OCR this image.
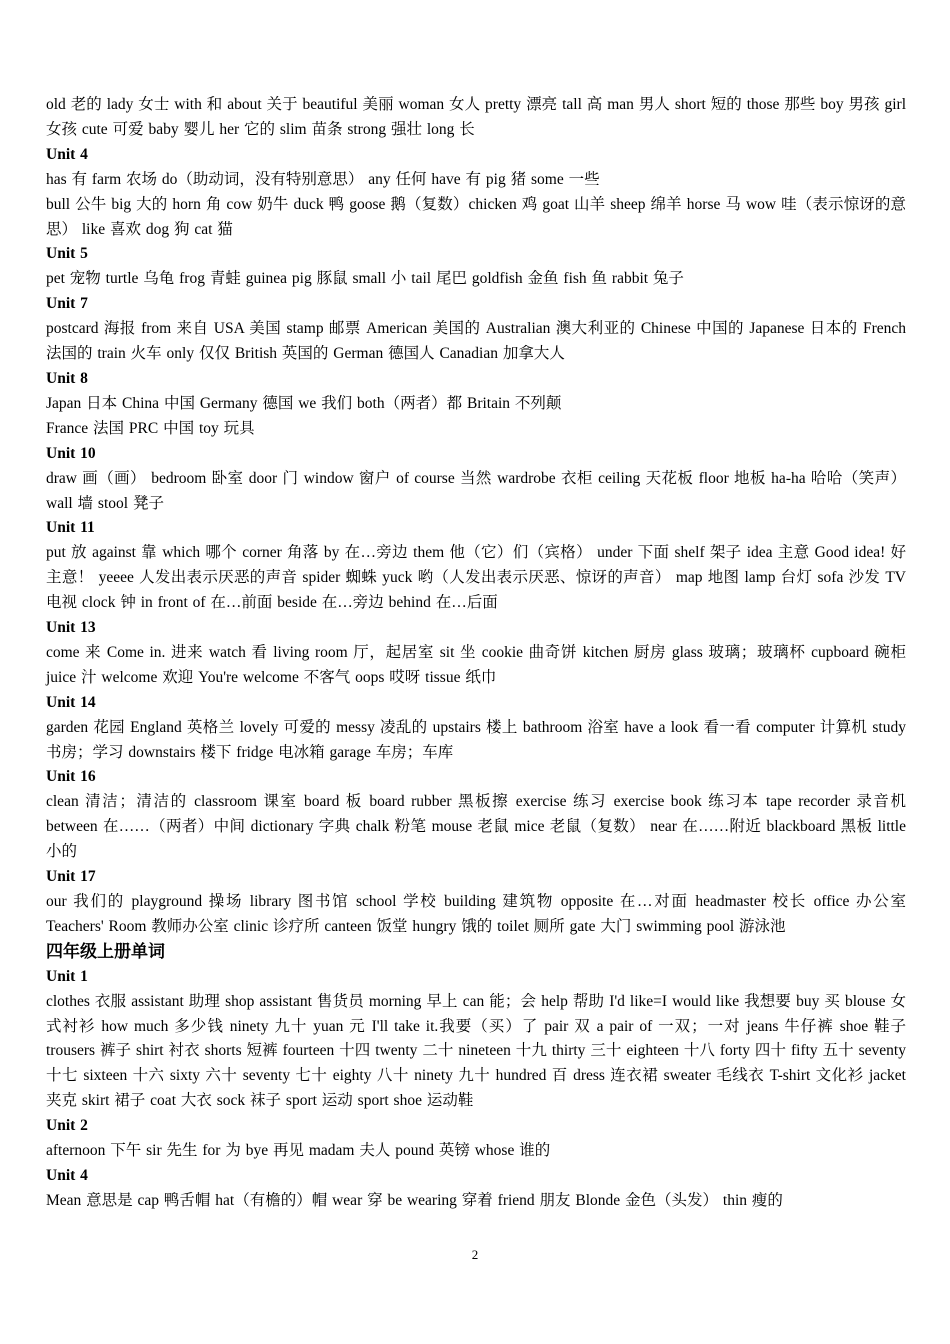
old 老的 lady 女士 with 和 about 关于 beautiful 美丽 woman 女人 pretty 漂亮 tall 高 man 男人 short 短的 those 那些 boy 男孩 girl 女孩 cute 可爱 baby 婴儿 her 它的 slim 苗条 strong 强壮 long 长

Unit 4

has 有 farm 农场 do（助动词，没有特别意思） any 任何 have 有 pig 猪 some 一些

bull 公牛 big 大的 horn 角 cow 奶牛 duck 鸭 goose 鹅（复数）chicken 鸡 goat 山羊 sheep 绵羊 horse 马 wow 哇（表示惊讶的意思） like 喜欢 dog 狗 cat 猫

Unit 5

pet 宠物 turtle 乌龟 frog 青蛙 guinea pig 豚鼠 small 小 tail 尾巴 goldfish 金鱼 fish 鱼 rabbit 兔子

Unit 7

postcard 海报 from 来自 USA 美国 stamp 邮票 American 美国的 Australian 澳大利亚的 Chinese 中国的 Japanese 日本的 French 法国的 train 火车 only 仅仅 British 英国的 German 德国人 Canadian 加拿大人

Unit 8

Japan 日本 China 中国 Germany 德国 we 我们 both（两者）都 Britain 不列颠

France 法国 PRC 中国 toy 玩具

Unit 10

draw 画（画） bedroom 卧室 door 门 window 窗户 of course 当然 wardrobe 衣柜 ceiling 天花板 floor 地板 ha-ha 哈哈（笑声） wall 墙 stool 凳子

Unit 11

put 放 against 靠 which 哪个 corner 角落 by 在…旁边 them 他（它）们（宾格） under 下面 shelf 架子 idea 主意 Good idea! 好主意！ yeeee 人发出表示厌恶的声音 spider 蜘蛛 yuck 哟（人发出表示厌恶、惊讶的声音） map 地图 lamp 台灯 sofa 沙发 TV 电视 clock 钟 in front of 在…前面 beside 在…旁边 behind 在…后面

Unit 13

come 来 Come in. 进来 watch 看 living room 厅，起居室 sit 坐 cookie 曲奇饼 kitchen 厨房 glass 玻璃；玻璃杯 cupboard 碗柜 juice 汁 welcome 欢迎 You're welcome 不客气 oops 哎呀 tissue 纸巾

Unit 14

garden 花园 England 英格兰 lovely 可爱的 messy 凌乱的 upstairs 楼上 bathroom 浴室 have a look 看一看 computer 计算机 study 书房；学习 downstairs 楼下 fridge 电冰箱 garage 车房；车库

Unit 16

clean 清洁；清洁的 classroom 课室 board 板 board rubber 黑板擦 exercise 练习 exercise book 练习本 tape recorder 录音机 between 在……（两者）中间 dictionary 字典 chalk 粉笔 mouse 老鼠 mice 老鼠（复数） near 在……附近 blackboard 黑板 little 小的

Unit 17

our 我们的 playground 操场 library 图书馆 school 学校 building 建筑物 opposite 在…对面 headmaster 校长 office 办公室 Teachers' Room 教师办公室 clinic 诊疗所 canteen 饭堂 hungry 饿的 toilet 厕所 gate 大门 swimming pool 游泳池

四年级上册单词

Unit 1

clothes 衣服 assistant 助理 shop assistant 售货员 morning 早上 can 能；会 help 帮助 I'd like=I would like 我想要 buy 买 blouse 女式衬衫 how much 多少钱 ninety 九十 yuan 元 I'll take it.我要（买）了 pair 双 a pair of 一双；一对 jeans 牛仔裤 shoe 鞋子 trousers 裤子 shirt 衬衣 shorts 短裤 fourteen 十四 twenty 二十 nineteen 十九 thirty 三十 eighteen 十八 forty 四十 fifty 五十 seventy 十七 sixteen 十六 sixty 六十 seventy 七十 eighty 八十 ninety 九十 hundred 百 dress 连衣裙 sweater 毛线衣 T-shirt 文化衫 jacket 夹克 skirt 裙子 coat 大衣 sock 袜子 sport 运动 sport shoe 运动鞋

Unit 2

afternoon 下午 sir 先生 for 为 bye 再见 madam 夫人 pound 英镑 whose 谁的

Unit 4

Mean 意思是 cap 鸭舌帽 hat（有檐的）帽 wear 穿 be wearing 穿着 friend 朋友 Blonde 金色（头发） thin 瘦的

2
